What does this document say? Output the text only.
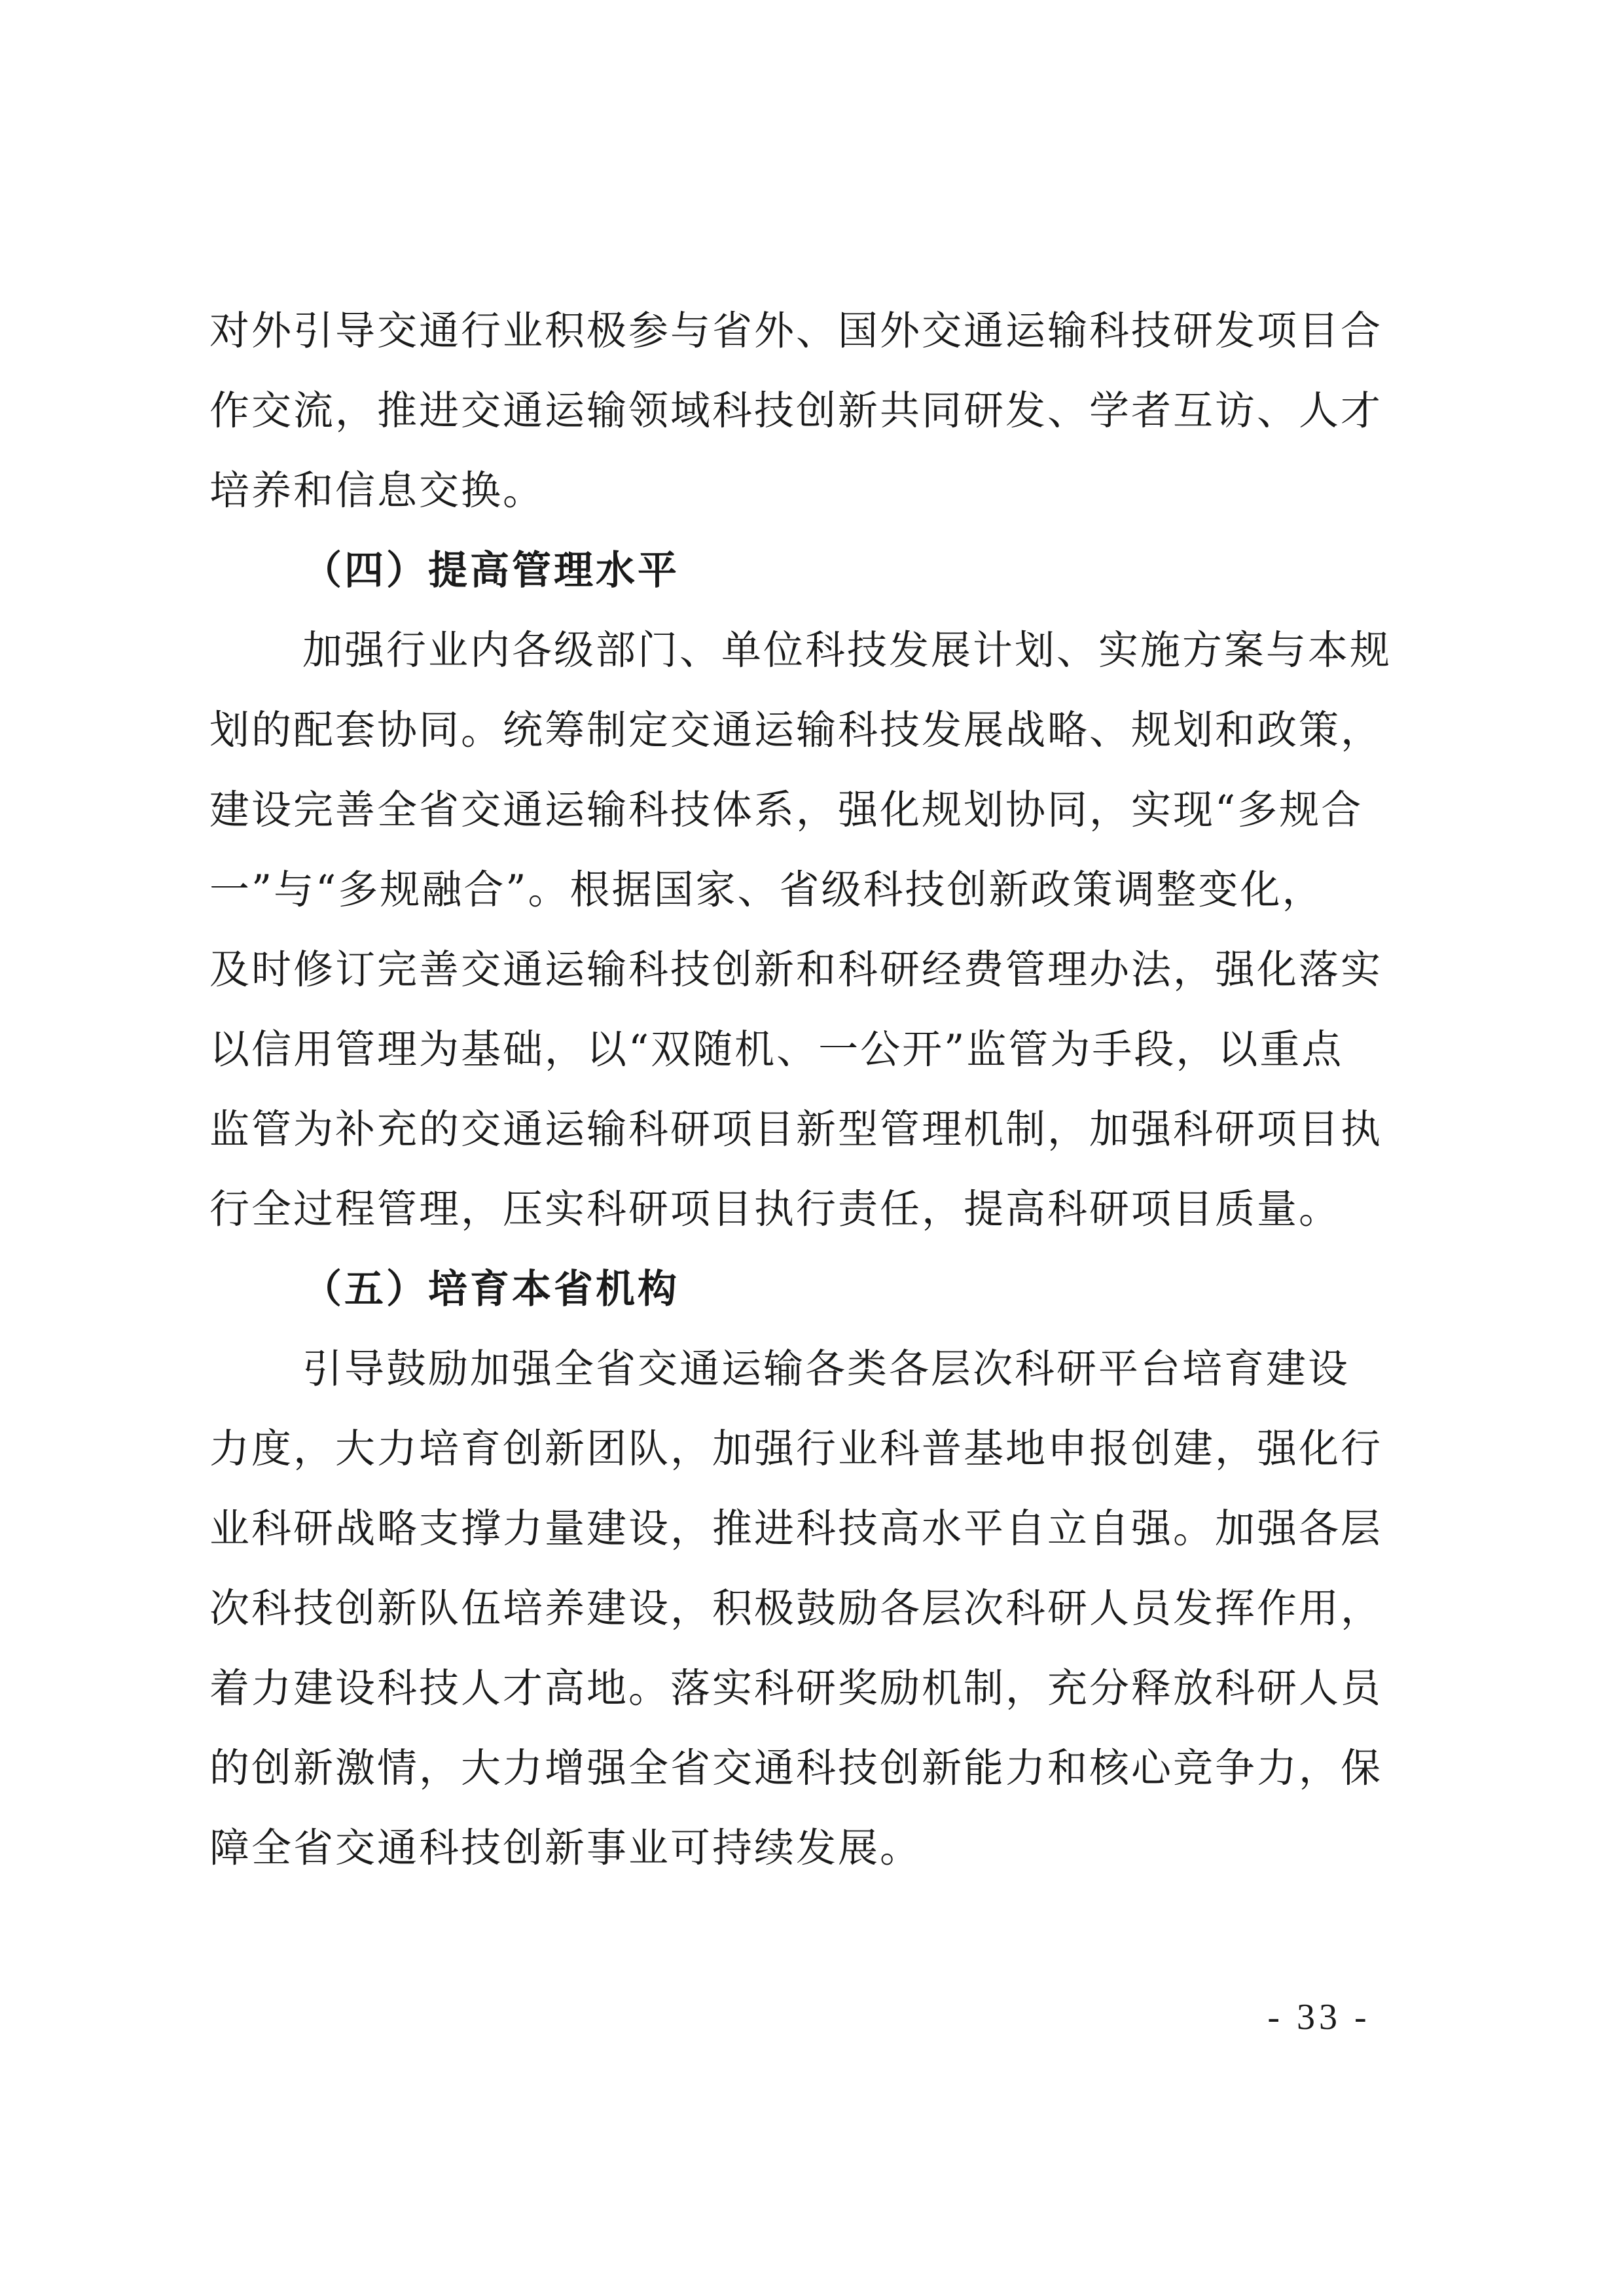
对外引导交通行业积极参与省外、国外交通运输科技研发项目合
作交流，推进交通运输领域科技创新共同研发、学者互访、人才
培养和信息交换。
（四）提高管理水平
加强行业内各级部门、单位科技发展计划、实施方案与本规
划的配套协同。统筹制定交通运输科技发展战略、规划和政策，
建设完善全省交通运输科技体系，强化规划协同，实现“多规合
一”与“多规融合”。根据国家、省级科技创新政策调整变化，
及时修订完善交通运输科技创新和科研经费管理办法，强化落实
以信用管理为基础，以“双随机、一公开”监管为手段，以重点
监管为补充的交通运输科研项目新型管理机制，加强科研项目执
行全过程管理，压实科研项目执行责任，提高科研项目质量。
（五）培育本省机构
引导鼓励加强全省交通运输各类各层次科研平台培育建设
力度，大力培育创新团队，加强行业科普基地申报创建，强化行
业科研战略支撑力量建设，推进科技高水平自立自强。加强各层
次科技创新队伍培养建设，积极鼓励各层次科研人员发挥作用，
着力建设科技人才高地。落实科研奖励机制，充分释放科研人员
的创新激情，大力增强全省交通科技创新能力和核心竞争力，保
障全省交通科技创新事业可持续发展。
- 33 -
